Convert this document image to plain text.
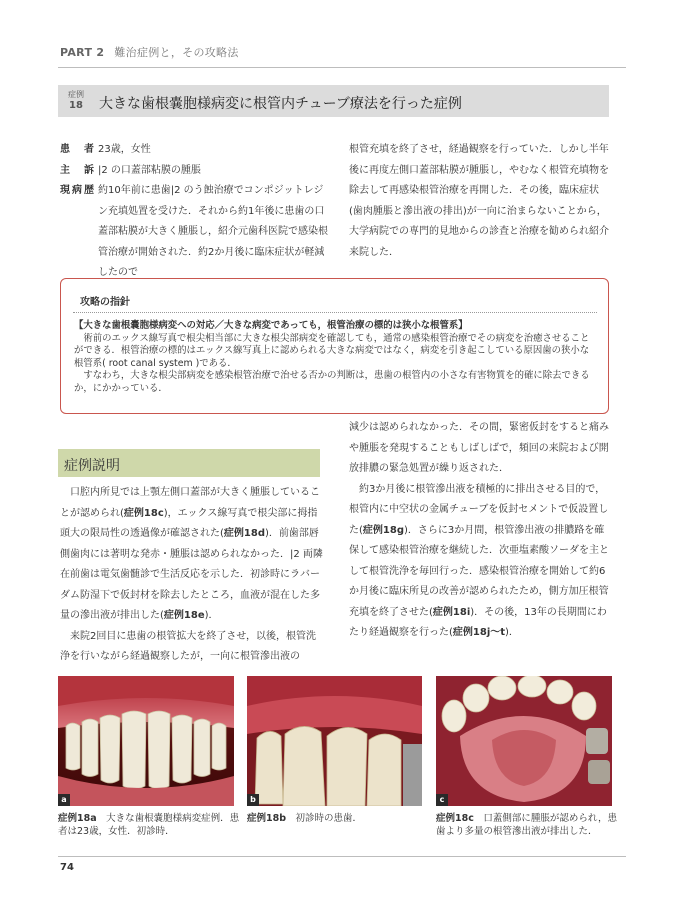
PART 2 難治症例と，その攻略法
症例
18	大きな歯根嚢胞様病変に根管内チューブ療法を行った症例
患　者 23歳，女性
主　訴 |2 の口蓋部粘膜の腫脹
現病歴 約10年前に患歯|2 のう蝕治療でコンポジットレジン充填処置を受けた．それから約1年後に患歯の口蓋部粘膜が大きく腫脹し，紹介元歯科医院で感染根管治療が開始された．約2か月後に臨床症状が軽減したので
根管充填を終了させ，経過観察を行っていた．しかし半年後に再度左側口蓋部粘膜が腫脹し，やむなく根管充填物を除去して再感染根管治療を再開した．その後，臨床症状(歯肉腫脹と滲出液の排出)が一向に治まらないことから，大学病院での専門的見地からの診査と治療を勧められ紹介来院した．
攻略の指針
【大きな歯根嚢胞様病変への対応／大きな病変であっても，根管治療の標的は狭小な根管系】

術前のエックス線写真で根尖相当部に大きな根尖部病変を確認しても，通常の感染根管治療でその病変を治癒させることができる．根管治療の標的はエックス線写真上に認められる大きな病変ではなく，病変を引き起こしている原因歯の狭小な根管系( root canal system )である．

すなわち，大きな根尖部病変を感染根管治療で治せる否かの判断は，患歯の根管内の小さな有害物質を的確に除去できるか，にかかっている．

症例説明

口腔内所見では上顎左側口蓋部が大きく腫脹していることが認められ(症例18c)，エックス線写真で根尖部に拇指頭大の限局性の透過像が確認された(症例18d)．前歯部唇側歯肉には著明な発赤・腫脹は認められなかった．|2 両隣在前歯は電気歯髄診で生活反応を示した．初診時にラバーダム防湿下で仮封材を除去したところ，血液が混在した多量の滲出液が排出した(症例18e)．

来院2回目に患歯の根管拡大を終了させ，以後，根管洗浄を行いながら経過観察したが，一向に根管滲出液の

減少は認められなかった．その間，緊密仮封をすると痛みや腫脹を発現することもしばしばで，頻回の来院および開放排膿の緊急処置が繰り返された．

約3か月後に根管滲出液を積極的に排出させる目的で，根管内に中空状の金属チューブを仮封セメントで仮設置した(症例18g)．さらに3か月間，根管滲出液の排膿路を確保して感染根管治療を継続した．次亜塩素酸ソーダを主として根管洗浄を毎回行った．感染根管治療を開始して約6か月後に臨床所見の改善が認められたため，側方加圧根管充填を終了させた(症例18i)．その後，13年の長期間にわたり経過観察を行った(症例18j～t)．

a	b	c
症例18a　 大きな歯根嚢胞様病変症例．患者は23歳，女性．初診時．
症例18b　 初診時の患歯．	症例18c　 口蓋側部に腫脹が認められ，患歯より多量の根管滲出液が排出した．
74
